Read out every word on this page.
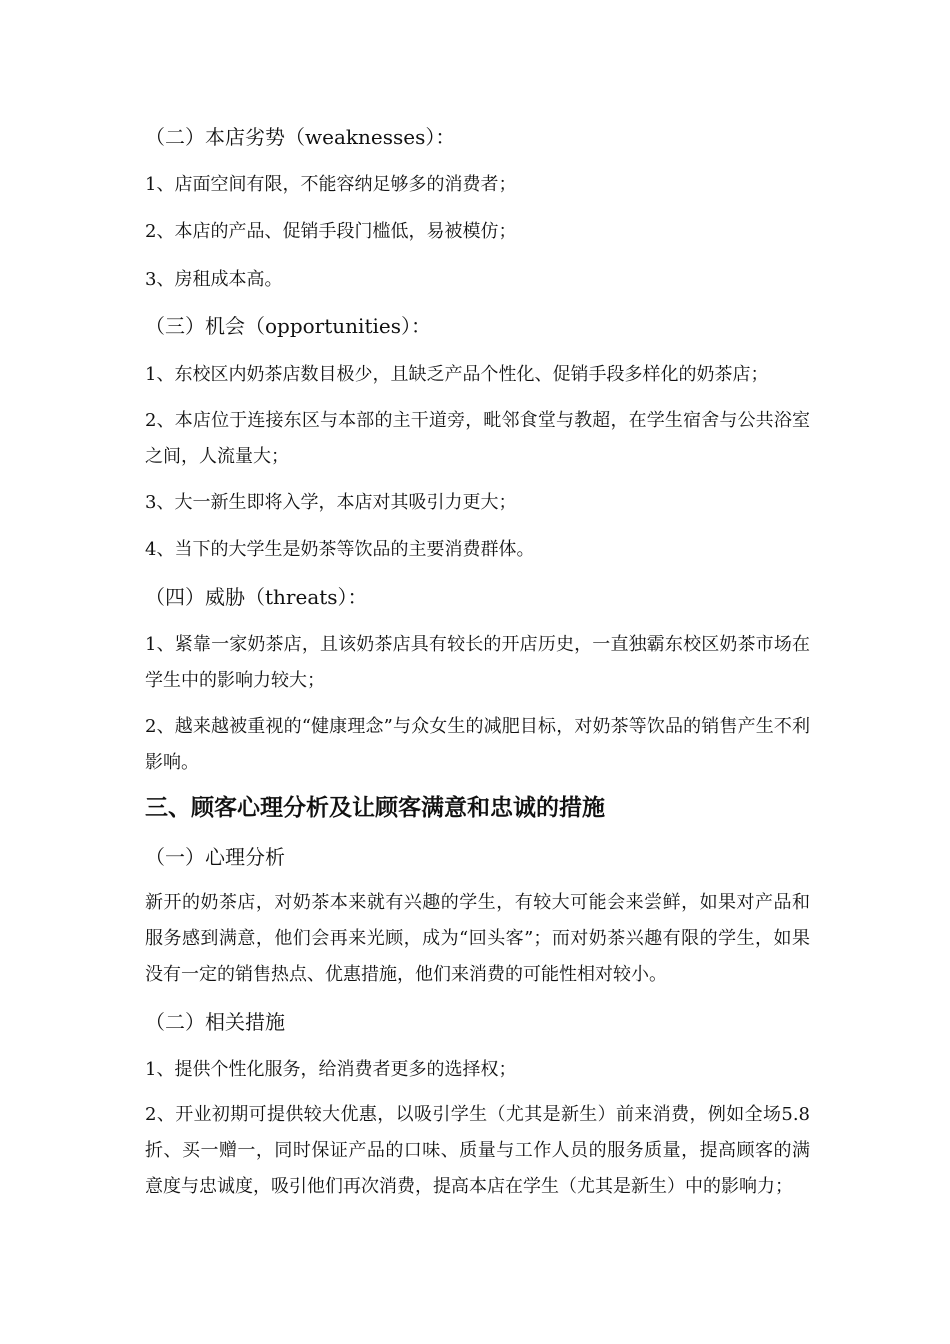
（二）本店劣势（weaknesses）：
1、店面空间有限，不能容纳足够多的消费者；
2、本店的产品、促销手段门槛低，易被模仿；
3、房租成本高。
（三）机会（opportunities）：
1、东校区内奶茶店数目极少，且缺乏产品个性化、促销手段多样化的奶茶店；
2、本店位于连接东区与本部的主干道旁，毗邻食堂与教超，在学生宿舍与公共浴室之间，人流量大；
3、大一新生即将入学，本店对其吸引力更大；
4、当下的大学生是奶茶等饮品的主要消费群体。
（四）威胁（threats）：
1、紧靠一家奶茶店，且该奶茶店具有较长的开店历史，一直独霸东校区奶茶市场在学生中的影响力较大；
2、越来越被重视的“健康理念”与众女生的减肥目标，对奶茶等饮品的销售产生不利影响。
三、顾客心理分析及让顾客满意和忠诚的措施
（一）心理分析
新开的奶茶店，对奶茶本来就有兴趣的学生，有较大可能会来尝鲜，如果对产品和服务感到满意，他们会再来光顾，成为“回头客”；而对奶茶兴趣有限的学生，如果没有一定的销售热点、优惠措施，他们来消费的可能性相对较小。
（二）相关措施
1、提供个性化服务，给消费者更多的选择权；
2、开业初期可提供较大优惠，以吸引学生（尤其是新生）前来消费，例如全场5.8折、买一赠一，同时保证产品的口味、质量与工作人员的服务质量，提高顾客的满意度与忠诚度，吸引他们再次消费，提高本店在学生（尤其是新生）中的影响力；
